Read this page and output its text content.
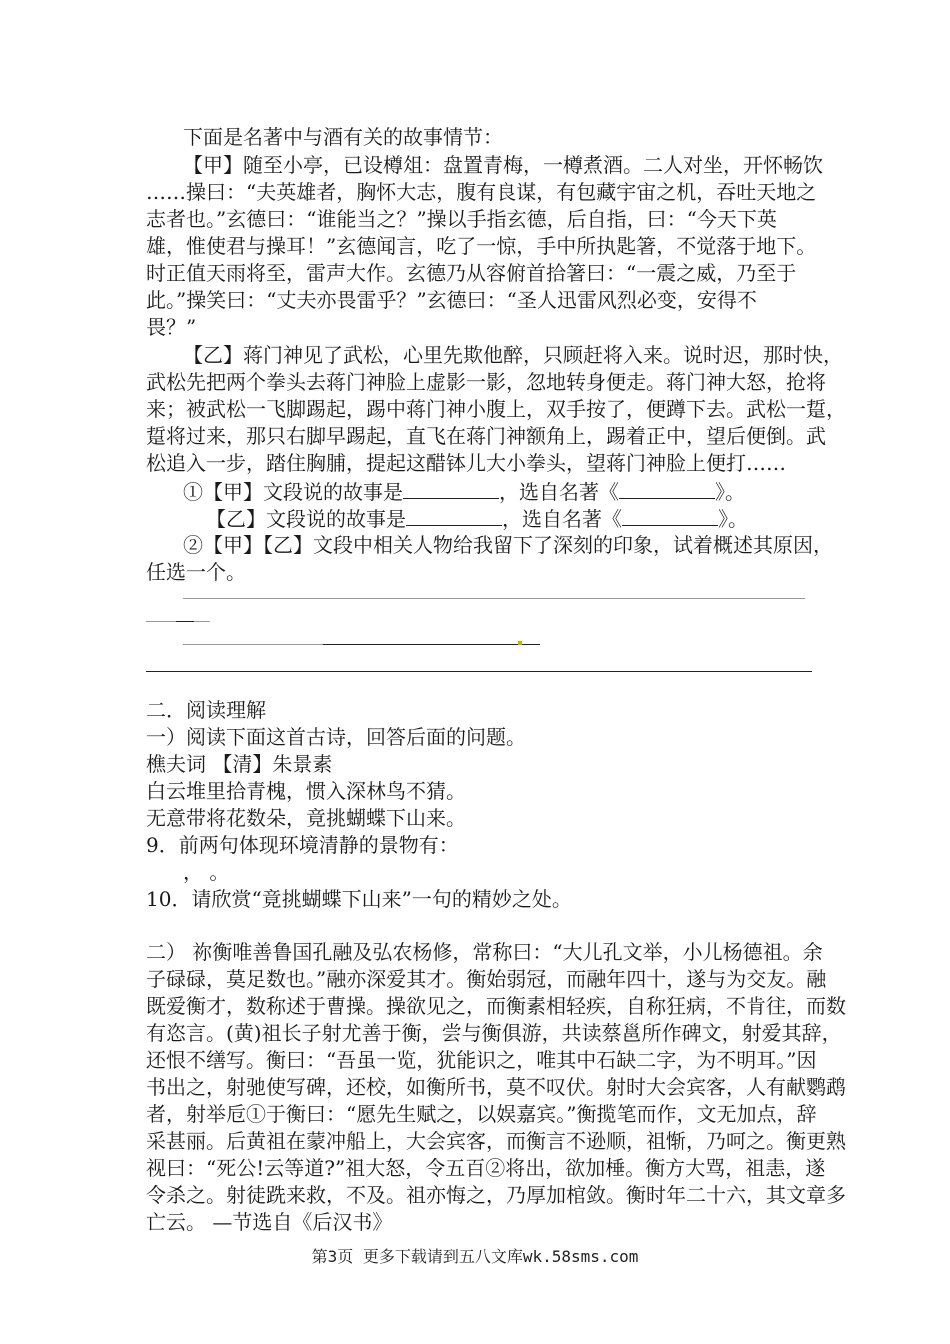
下面是名著中与酒有关的故事情节：
【甲】随至小亭，已设樽俎：盘置青梅，一樽煮酒。二人对坐，开怀畅饮
……操曰：“夫英雄者，胸怀大志，腹有良谋，有包藏宇宙之机，吞吐天地之
志者也。”玄德曰：“谁能当之？”操以手指玄德，后自指，曰：“今天下英
雄，惟使君与操耳！”玄德闻言，吃了一惊，手中所执匙箸，不觉落于地下。
时正值天雨将至，雷声大作。玄德乃从容俯首拾箸曰：“一震之威，乃至于
此。”操笑曰：“丈夫亦畏雷乎？”玄德曰：“圣人迅雷风烈必变，安得不
畏？”
【乙】蒋门神见了武松，心里先欺他醉，只顾赶将入来。说时迟，那时快，
武松先把两个拳头去蒋门神脸上虚影一影，忽地转身便走。蒋门神大怒，抢将
来；被武松一飞脚踢起，踢中蒋门神小腹上，双手按了，便蹲下去。武松一踅，
踅将过来，那只右脚早踢起，直飞在蒋门神额角上，踢着正中，望后便倒。武
松追入一步，踏住胸脯，提起这醋钵儿大小拳头，望蒋门神脸上便打……
①【甲】文段说的故事是	，选自名著《	》。
【乙】文段说的故事是	，选自名著《	》。
②【甲】【乙】文段中相关人物给我留下了深刻的印象，试着概述其原因，
任选一个。
二．阅读理解
一）阅读下面这首古诗，回答后面的问题。
樵夫词 【清】朱景素
白云堆里拾青槐，惯入深林鸟不猜。
无意带将花数朵，竟挑蝴蝶下山来。
9．前两句体现环境清静的景物有：
， 。
10．请欣赏“竟挑蝴蝶下山来”一句的精妙之处。
二） 祢衡唯善鲁国孔融及弘农杨修，常称曰：“大儿孔文举，小儿杨德祖。余
子碌碌，莫足数也。”融亦深爱其才。衡始弱冠，而融年四十，遂与为交友。融
既爱衡才，数称述于曹操。操欲见之，而衡素相轻疾，自称狂病，不肯往，而数
有恣言。(黄)祖长子射尤善于衡，尝与衡俱游，共读蔡邕所作碑文，射爱其辞，
还恨不缮写。衡曰：“吾虽一览，犹能识之，唯其中石缺二字，为不明耳。”因
书出之，射驰使写碑，还校，如衡所书，莫不叹伏。射时大会宾客，人有献鹦鹉
者，射举卮①于衡曰：“愿先生赋之，以娱嘉宾。”衡揽笔而作，文无加点，辞
采甚丽。后黄祖在蒙冲船上，大会宾客，而衡言不逊顺，祖惭，乃呵之。衡更熟
视曰：“死公!云等道?”祖大怒，令五百②将出，欲加棰。衡方大骂，祖恚，遂
令杀之。射徒跣来救，不及。祖亦悔之，乃厚加棺敛。衡时年二十六，其文章多
亡云。 —节选自《后汉书》
第3页 更多下载请到五八文库wk.58sms.com
